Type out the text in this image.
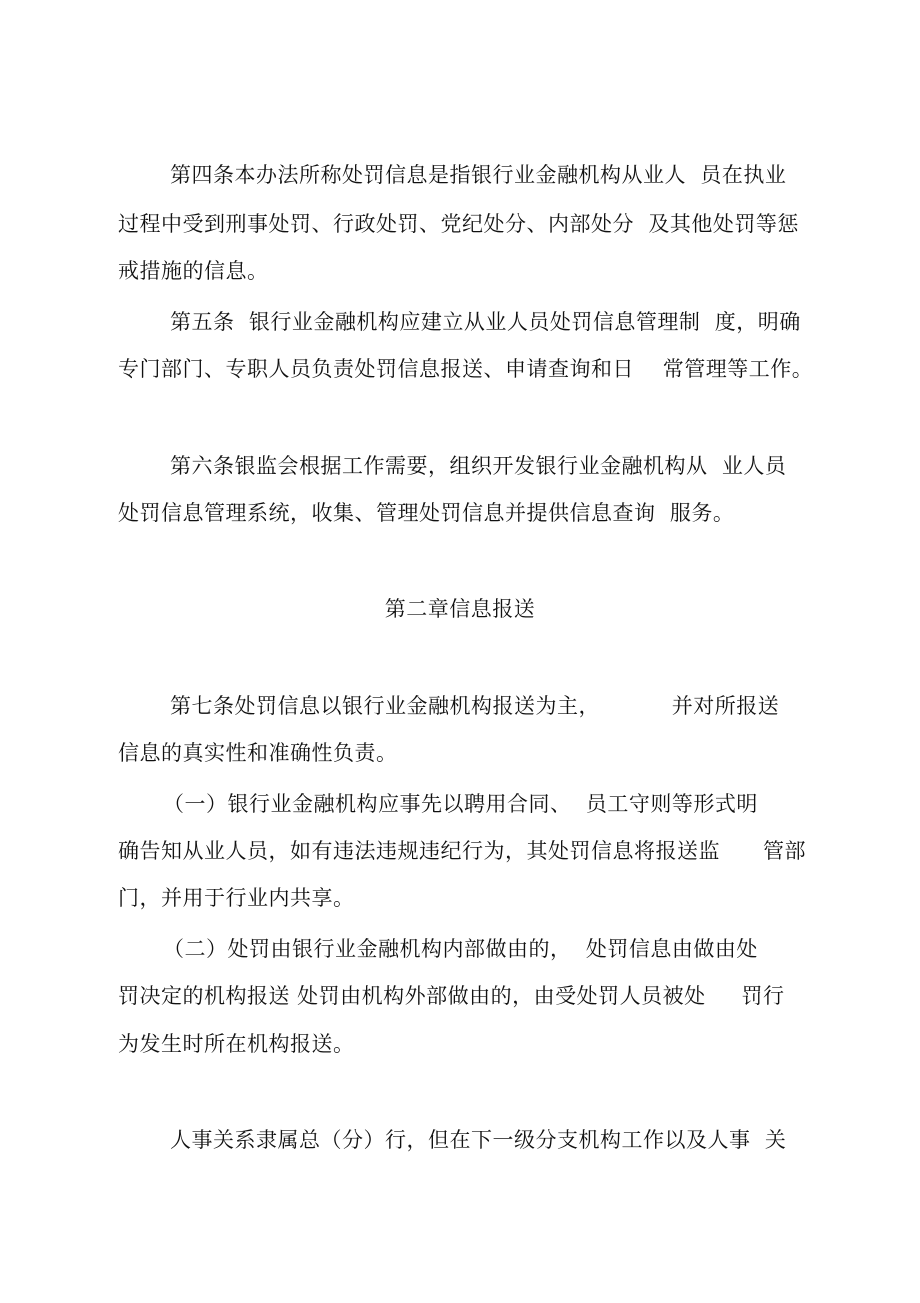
第四条本办法所称处罚信息是指银行业金融机构从业人  员在执业
过程中受到刑事处罚、行政处罚、党纪处分、内部处分  及其他处罚等惩
戒措施的信息。
第五条  银行业金融机构应建立从业人员处罚信息管理制  度，明确
专门部门、专职人员负责处罚信息报送、申请查询和日    常管理等工作。
第六条银监会根据工作需要，组织开发银行业金融机构从  业人员
处罚信息管理系统，收集、管理处罚信息并提供信息查询  服务。
第二章信息报送
第七条处罚信息以银行业金融机构报送为主，          并对所报送
信息的真实性和准确性负责。
（一）银行业金融机构应事先以聘用合同、  员工守则等形式明
确告知从业人员，如有违法违规违纪行为，其处罚信息将报送监      管部
门，并用于行业内共享。
（二）处罚由银行业金融机构内部做由的，  处罚信息由做由处
罚决定的机构报送 处罚由机构外部做由的，由受处罚人员被处     罚行
为发生时所在机构报送。
人事关系隶属总（分）行，但在下一级分支机构工作以及人事  关
